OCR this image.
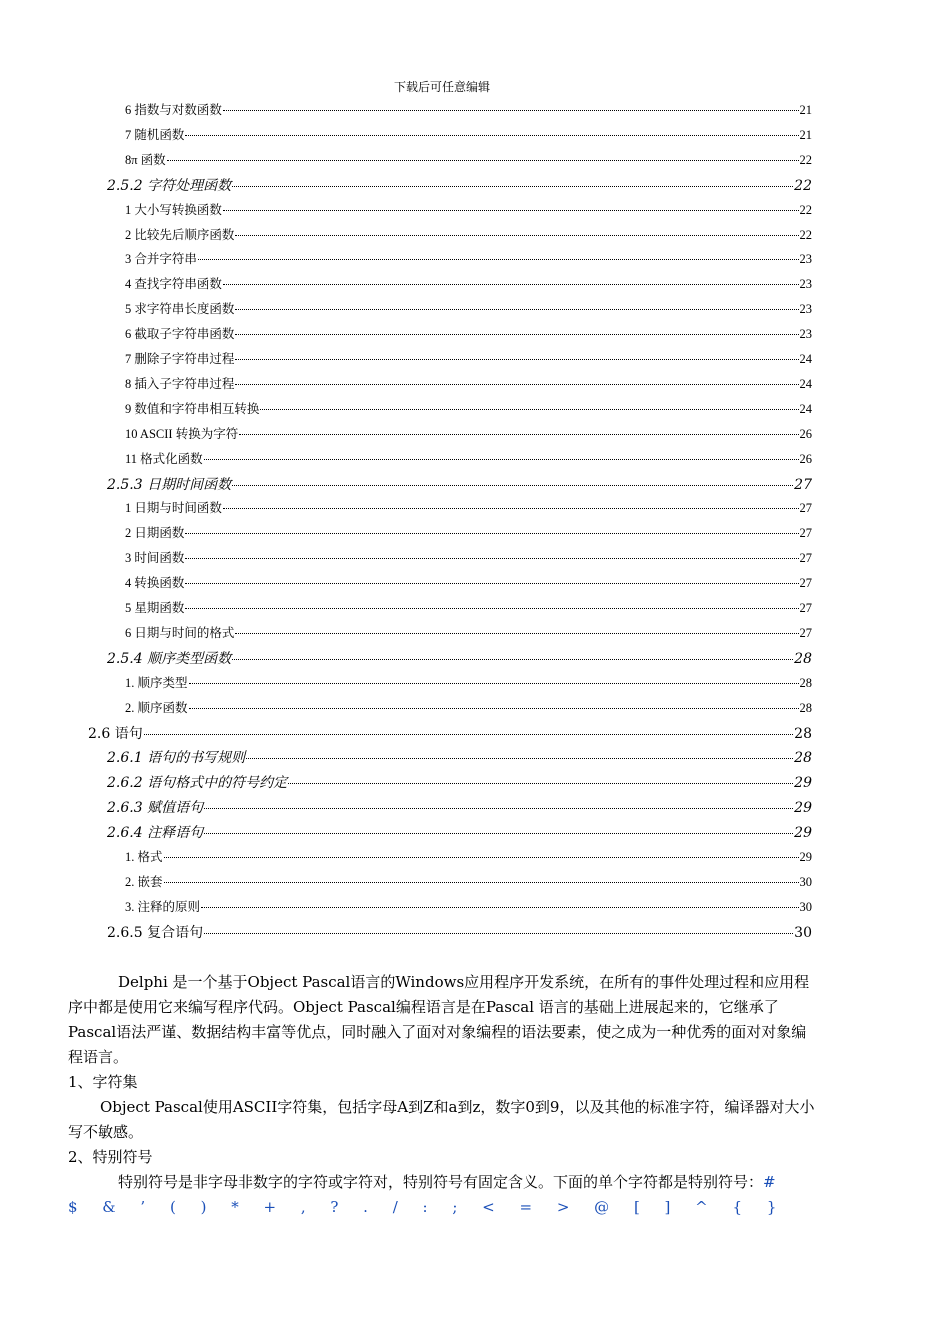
下载后可任意编辑
6 指数与对数函数	21
7 随机函数	21
8π 函数	22
2.5.2 字符处理函数	22
1 大小写转换函数	22
2 比较先后顺序函数	22
3 合并字符串	23
4 查找字符串函数	23
5 求字符串长度函数	23
6 截取子字符串函数	23
7 删除子字符串过程	24
8 插入子字符串过程	24
9 数值和字符串相互转换	24
10 ASCII 转换为字符	26
11 格式化函数	26
2.5.3 日期时间函数	27
1 日期与时间函数	27
2 日期函数	27
3 时间函数	27
4 转换函数	27
5 星期函数	27
6 日期与时间的格式	27
2.5.4 顺序类型函数	28
1. 顺序类型	28
2. 顺序函数	28
2.6 语句	28
2.6.1 语句的书写规则	28
2.6.2 语句格式中的符号约定	29
2.6.3 赋值语句	29
2.6.4 注释语句	29
1. 格式	29
2. 嵌套	30
3. 注释的原则	30
2.6.5 复合语句	30

Delphi 是一个基于Object Pascal语言的Windows应用程序开发系统，在所有的事件处理过程和应用程序中都是使用它来编写程序代码。Object Pascal编程语言是在Pascal 语言的基础上进展起来的，它继承了Pascal语法严谨、数据结构丰富等优点，同时融入了面对对象编程的语法要素，使之成为一种优秀的面对对象编程语言。

1、字符集

Object Pascal使用ASCII字符集，包括字母A到Z和a到z，数字0到9，以及其他的标准字符，编译器对大小写不敏感。

2、特别符号

特别符号是非字母非数字的字符或字符对，特别符号有固定含义。下面的单个字符都是特别符号：# $ & ’ ( ) * + , ? . / : ; < = > @ [ ] ^ { }
